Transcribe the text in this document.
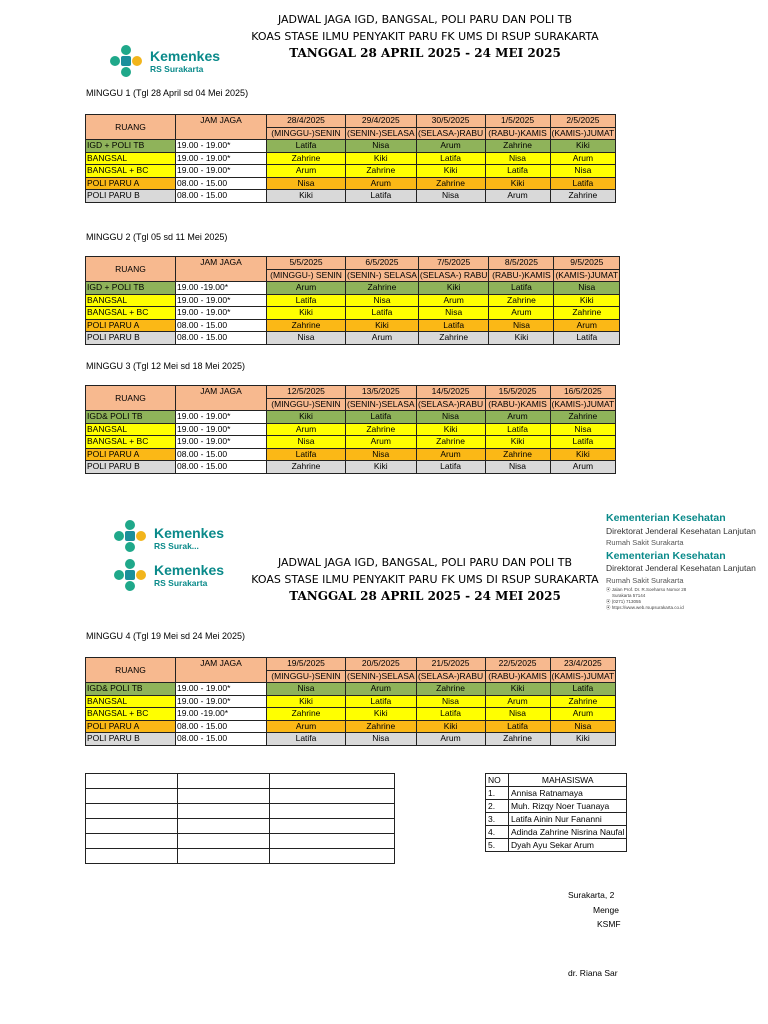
Kemenkes
RS Surakarta
JADWAL JAGA IGD, BANGSAL, POLI PARU DAN POLI TB
KOAS STASE ILMU PENYAKIT PARU FK UMS DI RSUP SURAKARTA
TANGGAL 28 APRIL 2025 - 24 MEI 2025
MINGGU 1 (Tgl 28 April sd 04 Mei 2025)
RUANG	JAM JAGA	28/4/2025	29/4/2025	30/5/2025	1/5/2025	2/5/2025
		(MINGGU-)SENIN	(SENIN-)SELASA	(SELASA-)RABU	(RABU-)KAMIS	(KAMIS-)JUMAT
IGD + POLI TB	19.00 - 19.00*	Latifa	Nisa	Arum	Zahrine	Kiki
BANGSAL	19.00 - 19.00*	Zahrine	Kiki	Latifa	Nisa	Arum
BANGSAL + BC	19.00 - 19.00*	Arum	Zahrine	Kiki	Latifa	Nisa
POLI PARU A	08.00 - 15.00	Nisa	Arum	Zahrine	Kiki	Latifa
POLI PARU B	08.00 - 15.00	Kiki	Latifa	Nisa	Arum	Zahrine
MINGGU 2 (Tgl 05 sd 11 Mei 2025)
RUANG	JAM JAGA	5/5/2025	6/5/2025	7/5/2025	8/5/2025	9/5/2025
		(MINGGU-) SENIN	(SENIN-) SELASA	(SELASA-) RABU	(RABU-)KAMIS	(KAMIS-)JUMAT
IGD + POLI TB	19.00 -19.00*	Arum	Zahrine	Kiki	Latifa	Nisa
BANGSAL	19.00 - 19.00*	Latifa	Nisa	Arum	Zahrine	Kiki
BANGSAL + BC	19.00 - 19.00*	Kiki	Latifa	Nisa	Arum	Zahrine
POLI PARU A	08.00 - 15.00	Zahrine	Kiki	Latifa	Nisa	Arum
POLI PARU B	08.00 - 15.00	Nisa	Arum	Zahrine	Kiki	Latifa
MINGGU 3 (Tgl 12 Mei sd 18 Mei 2025)
RUANG	JAM JAGA	12/5/2025	13/5/2025	14/5/2025	15/5/2025	16/5/2025
		(MINGGU-)SENIN	(SENIN-)SELASA	(SELASA-)RABU	(RABU-)KAMIS	(KAMIS-)JUMAT
IGD& POLI TB	19.00 - 19.00*	Kiki	Latifa	Nisa	Arum	Zahrine
BANGSAL	19.00 - 19.00*	Arum	Zahrine	Kiki	Latifa	Nisa
BANGSAL + BC	19.00 - 19.00*	Nisa	Arum	Zahrine	Kiki	Latifa
POLI PARU A	08.00 - 15.00	Latifa	Nisa	Arum	Zahrine	Kiki
POLI PARU B	08.00 - 15.00	Zahrine	Kiki	Latifa	Nisa	Arum
MINGGU 4 (Tgl 19 Mei sd 24 Mei 2025)
RUANG	JAM JAGA	19/5/2025	20/5/2025	21/5/2025	22/5/2025	23/4/2025
		(MINGGU-)SENIN	(SENIN-)SELASA	(SELASA-)RABU	(RABU-)KAMIS	(KAMIS-)JUMAT
IGD& POLI TB	19.00 - 19.00*	Nisa	Arum	Zahrine	Kiki	Latifa
BANGSAL	19.00 - 19.00*	Kiki	Latifa	Nisa	Arum	Zahrine
BANGSAL + BC	19.00 -19.00*	Zahrine	Kiki	Latifa	Nisa	Arum
POLI PARU A	08.00 - 15.00	Arum	Zahrine	Kiki	Latifa	Nisa
POLI PARU B	08.00 - 15.00	Latifa	Nisa	Arum	Zahrine	Kiki
Kemenkes
RS Surak...
Kementerian Kesehatan
Direktorat Jenderal Kesehatan Lanjutan
Rumah Sakit Surakarta
Kemenkes
RS Surakarta
Kementerian Kesehatan
Direktorat Jenderal Kesehatan Lanjutan
Rumah Sakit Surakarta
⦿ Jalan Prof. Dr. R.Soeharso Nomor 28
Surakarta 57144
⦿ (0271) 713055
⦿ https://www.web.rsupsurakarta.co.id
JADWAL JAGA IGD, BANGSAL, POLI PARU DAN POLI TB
KOAS STASE ILMU PENYAKIT PARU FK UMS DI RSUP SURAKARTA
TANGGAL 28 APRIL 2025 - 24 MEI 2025

NO	MAHASISWA
1.	Annisa Ratnamaya
2.	Muh. Rizqy Noer Tuanaya
3.	Latifa Ainin Nur Fananni
4.	Adinda Zahrine Nisrina Naufal
5.	Dyah Ayu Sekar Arum
Surakarta, 2
Menge
KSMF
dr. Riana Sar
